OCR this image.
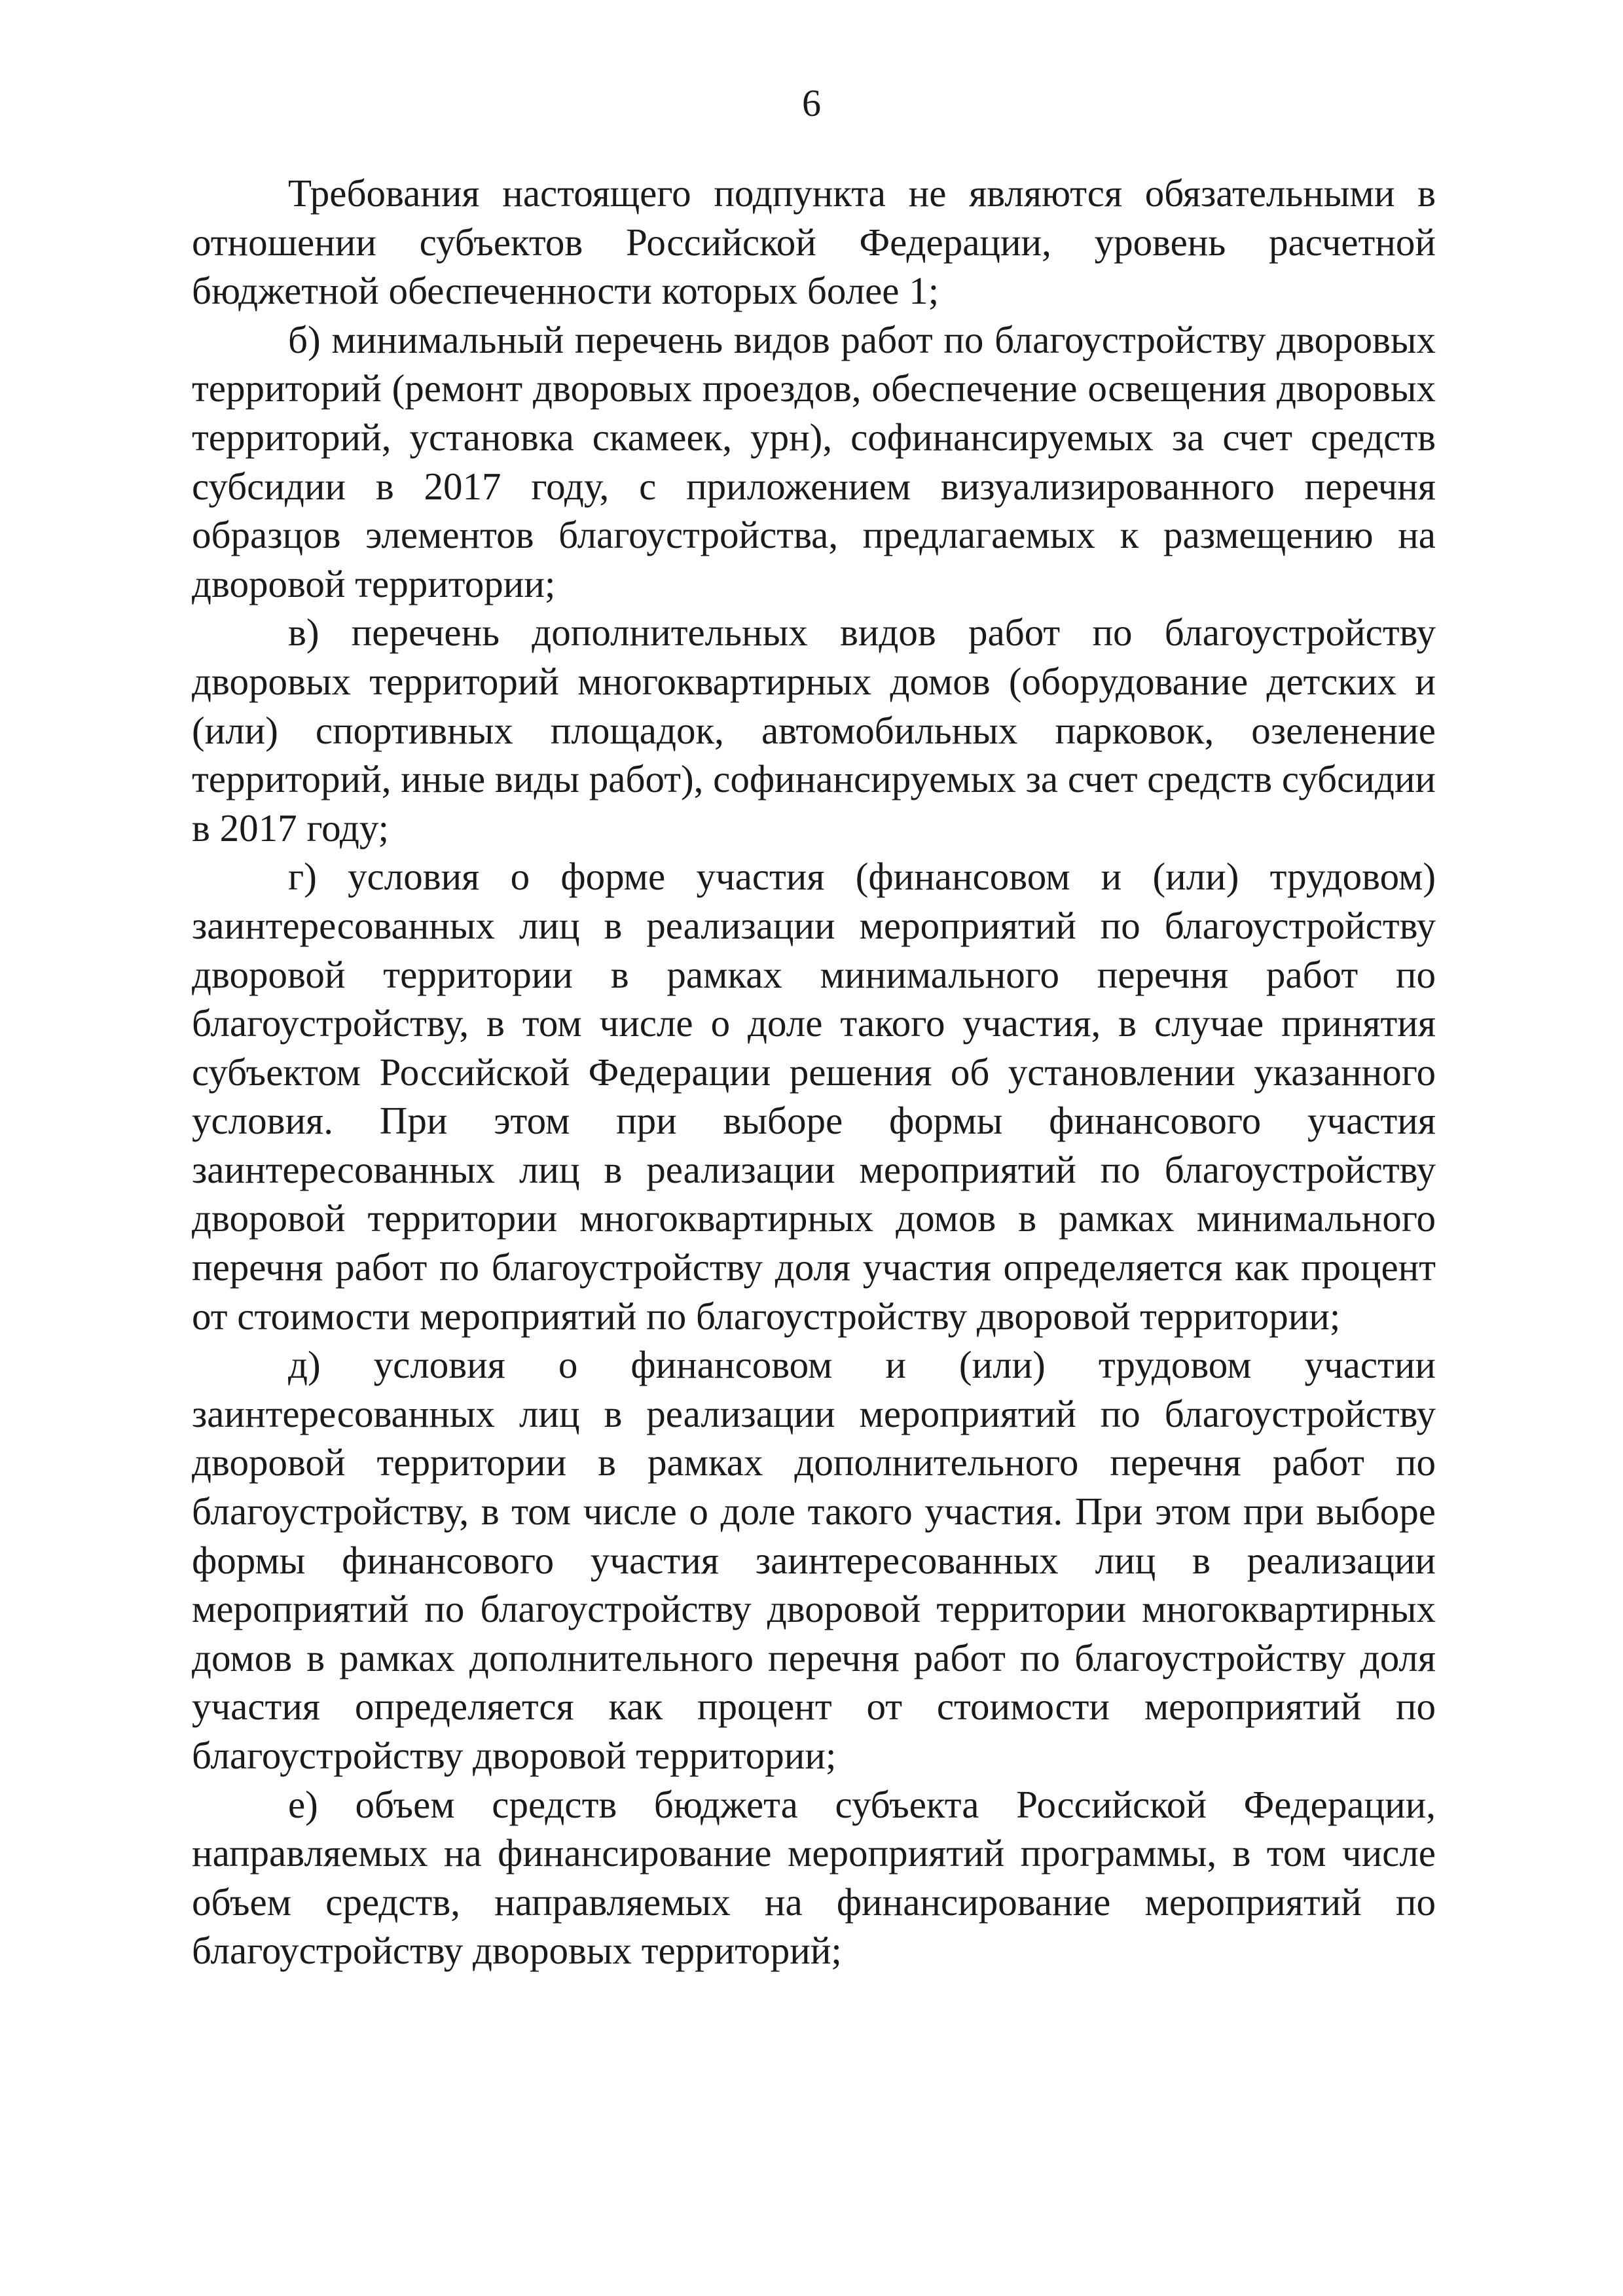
6

Требования настоящего подпункта не являются обязательными в отношении субъектов Российской Федерации, уровень расчетной бюджетной обеспеченности которых более 1;

б) минимальный перечень видов работ по благоустройству дворовых территорий (ремонт дворовых проездов, обеспечение освещения дворовых территорий, установка скамеек, урн), софинансируемых за счет средств субсидии в 2017 году, с приложением визуализированного перечня образцов элементов благоустройства, предлагаемых к размещению на дворовой территории;

в) перечень дополнительных видов работ по благоустройству дворовых территорий многоквартирных домов (оборудование детских и (или) спортивных площадок, автомобильных парковок, озеленение территорий, иные виды работ), софинансируемых за счет средств субсидии в 2017 году;

г) условия о форме участия (финансовом и (или) трудовом) заинтересованных лиц в реализации мероприятий по благоустройству дворовой территории в рамках минимального перечня работ по благоустройству, в том числе о доле такого участия, в случае принятия субъектом Российской Федерации решения об установлении указанного условия. При этом при выборе формы финансового участия заинтересованных лиц в реализации мероприятий по благоустройству дворовой территории многоквартирных домов в рамках минимального перечня работ по благоустройству доля участия определяется как процент от стоимости мероприятий по благоустройству дворовой территории;

д) условия о финансовом и (или) трудовом участии заинтересованных лиц в реализации мероприятий по благоустройству дворовой территории в рамках дополнительного перечня работ по благоустройству, в том числе о доле такого участия. При этом при выборе формы финансового участия заинтересованных лиц в реализации мероприятий по благоустройству дворовой территории многоквартирных домов в рамках дополнительного перечня работ по благоустройству доля участия определяется как процент от стоимости мероприятий по благоустройству дворовой территории;

е) объем средств бюджета субъекта Российской Федерации, направляемых на финансирование мероприятий программы, в том числе объем средств, направляемых на финансирование мероприятий по благоустройству дворовых территорий;
